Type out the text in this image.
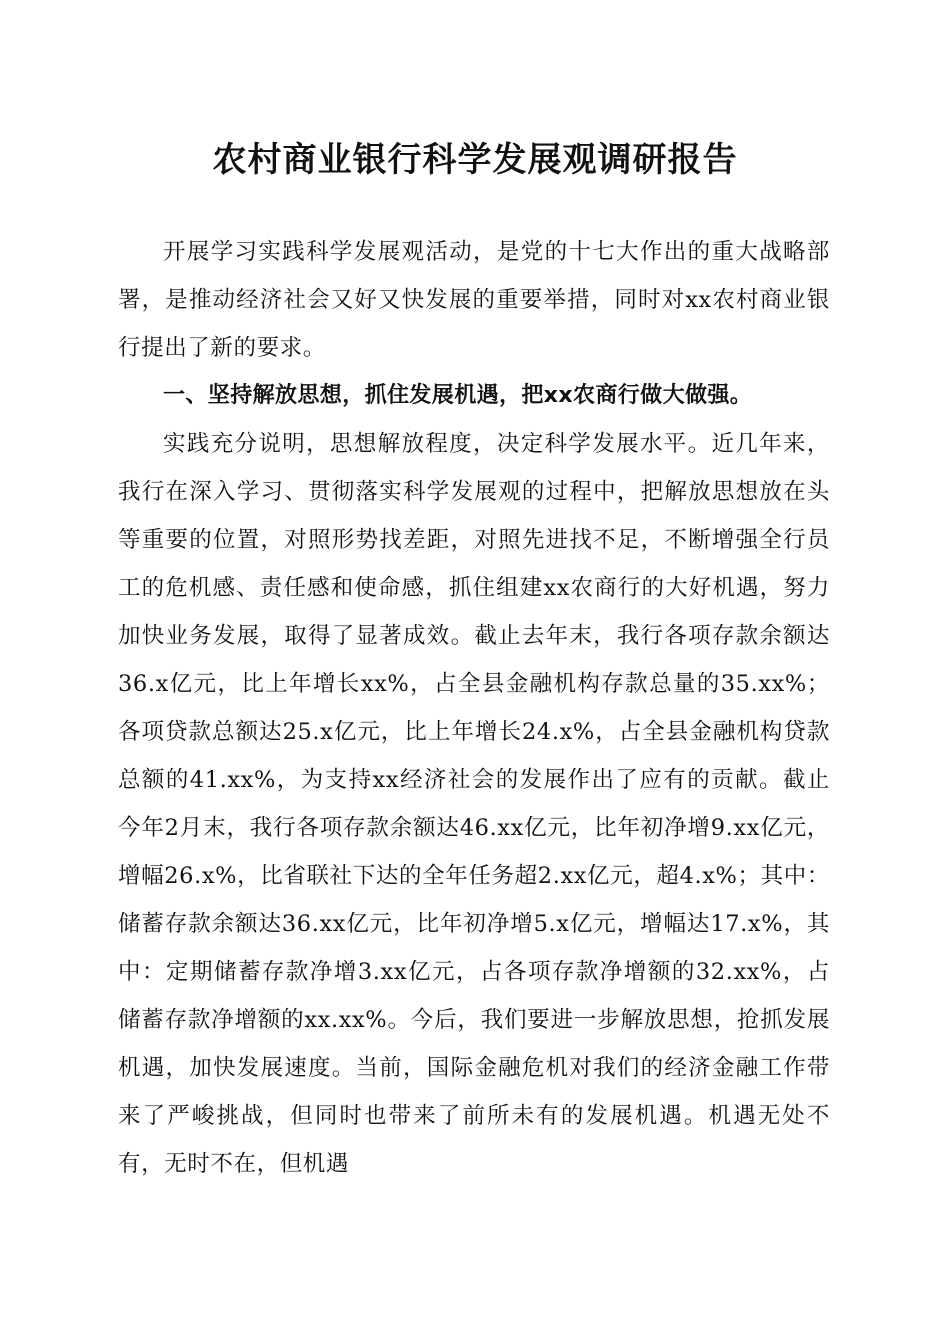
农村商业银行科学发展观调研报告

开展学习实践科学发展观活动，是党的十七大作出的重大战略部署，是推动经济社会又好又快发展的重要举措，同时对xx农村商业银行提出了新的要求。

一、坚持解放思想，抓住发展机遇，把xx农商行做大做强。

实践充分说明，思想解放程度，决定科学发展水平。近几年来，我行在深入学习、贯彻落实科学发展观的过程中，把解放思想放在头等重要的位置，对照形势找差距，对照先进找不足，不断增强全行员工的危机感、责任感和使命感，抓住组建xx农商行的大好机遇，努力加快业务发展，取得了显著成效。截止去年末，我行各项存款余额达36.x亿元，比上年增长xx%，占全县金融机构存款总量的35.xx%；各项贷款总额达25.x亿元，比上年增长24.x%，占全县金融机构贷款总额的41.xx%，为支持xx经济社会的发展作出了应有的贡献。截止今年2月末，我行各项存款余额达46.xx亿元，比年初净增9.xx亿元，增幅26.x%，比省联社下达的全年任务超2.xx亿元，超4.x%；其中：储蓄存款余额达36.xx亿元，比年初净增5.x亿元，增幅达17.x%，其中：定期储蓄存款净增3.xx亿元，占各项存款净增额的32.xx%，占储蓄存款净增额的xx.xx%。今后，我们要进一步解放思想，抢抓发展机遇，加快发展速度。当前，国际金融危机对我们的经济金融工作带来了严峻挑战，但同时也带来了前所未有的发展机遇。机遇无处不有，无时不在，但机遇
